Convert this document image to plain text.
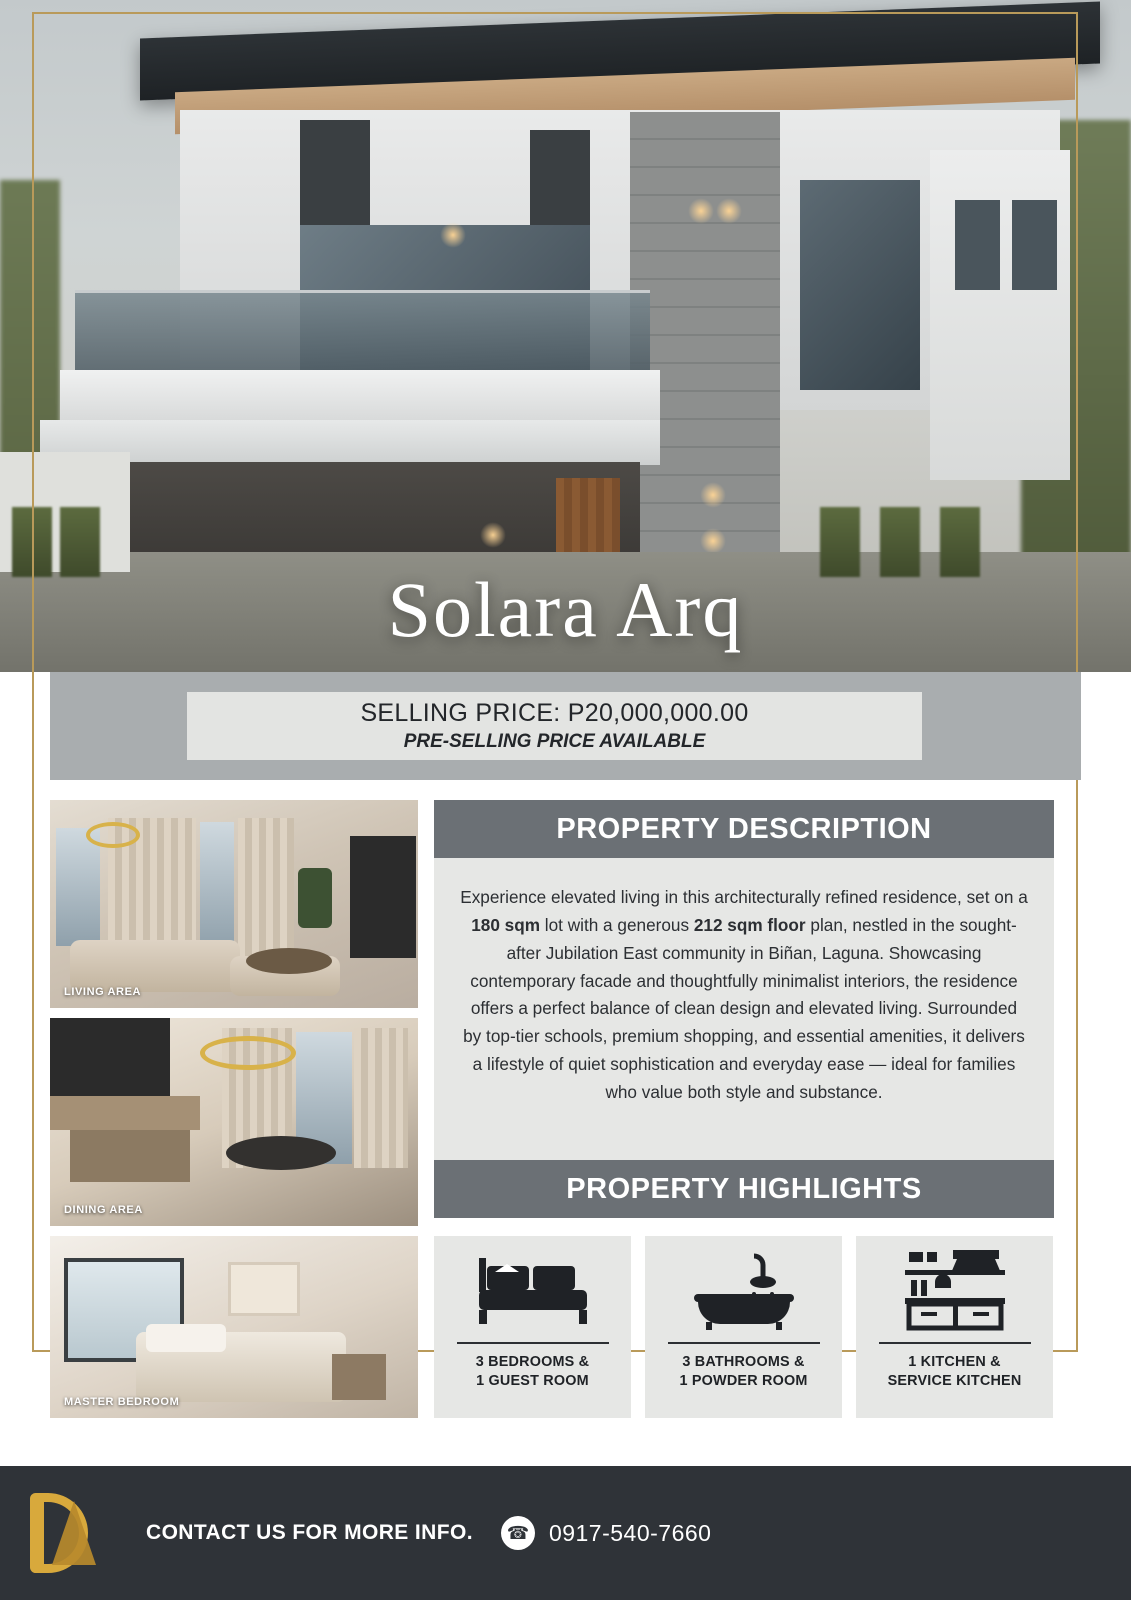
Solara Arq
SELLING PRICE: P20,000,000.00
PRE-SELLING PRICE AVAILABLE
LIVING AREA
DINING AREA
MASTER BEDROOM
PROPERTY DESCRIPTION
Experience elevated living in this architecturally refined residence, set on a 180 sqm lot with a generous 212 sqm floor plan, nestled in the sought-after Jubilation East community in Biñan, Laguna. Showcasing contemporary facade and thoughtfully minimalist interiors, the residence offers a perfect balance of clean design and elevated living. Surrounded by top-tier schools, premium shopping, and essential amenities, it delivers a lifestyle of quiet sophistication and everyday ease — ideal for families who value both style and substance.
PROPERTY HIGHLIGHTS
3 BEDROOMS &
1 GUEST ROOM
3 BATHROOMS &
1 POWDER ROOM
1 KITCHEN &
SERVICE KITCHEN
CONTACT US FOR MORE INFO.	☎ 0917-540-7660
